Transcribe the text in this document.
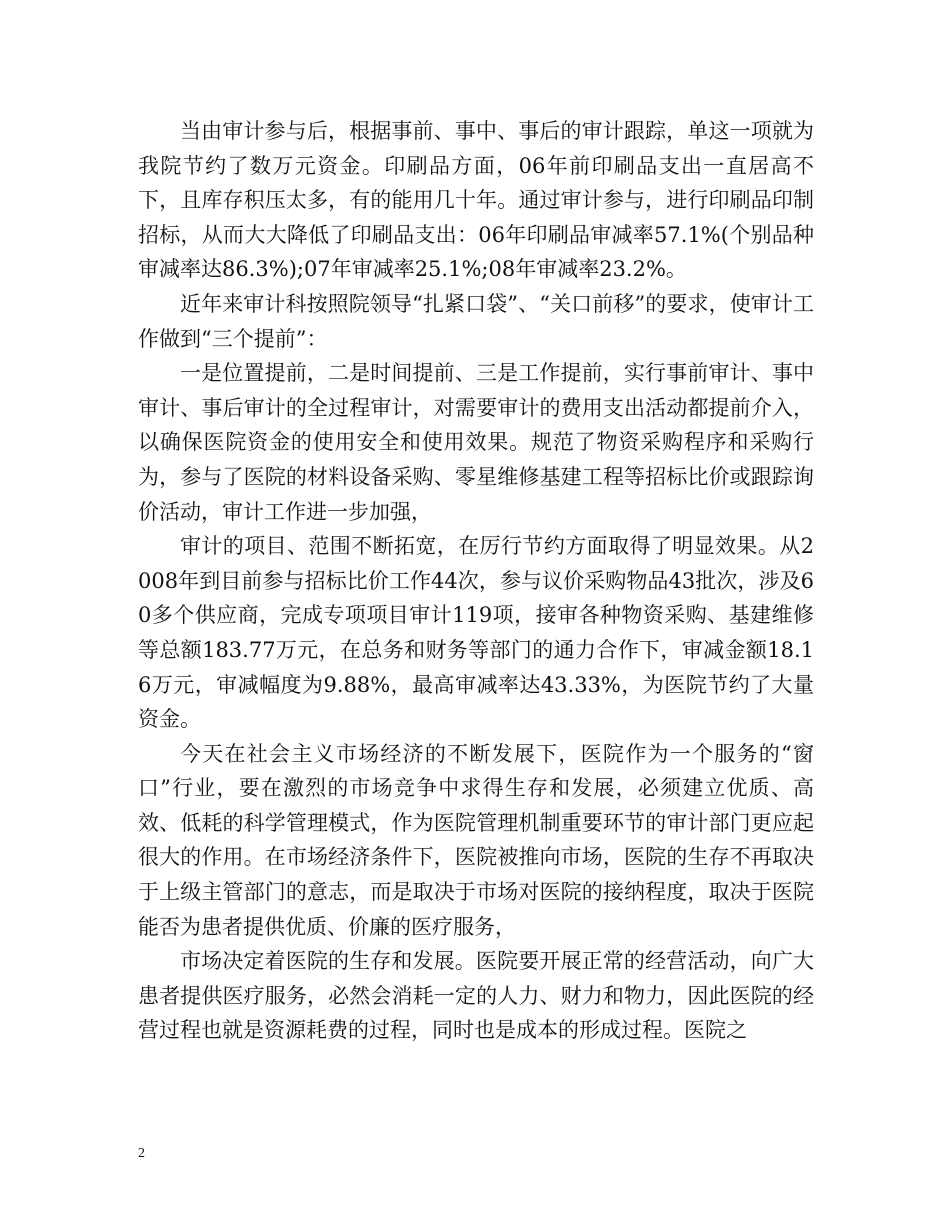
当由审计参与后，根据事前、事中、事后的审计跟踪，单这一项就为我院节约了数万元资金。印刷品方面，06年前印刷品支出一直居高不下，且库存积压太多，有的能用几十年。通过审计参与，进行印刷品印制招标，从而大大降低了印刷品支出：06年印刷品审减率57.1%(个别品种审减率达86.3%);07年审减率25.1%;08年审减率23.2%。

近年来审计科按照院领导“扎紧口袋”、“关口前移”的要求，使审计工作做到“三个提前”：

一是位置提前，二是时间提前、三是工作提前，实行事前审计、事中审计、事后审计的全过程审计，对需要审计的费用支出活动都提前介入，以确保医院资金的使用安全和使用效果。规范了物资采购程序和采购行为，参与了医院的材料设备采购、零星维修基建工程等招标比价或跟踪询价活动，审计工作进一步加强，

审计的项目、范围不断拓宽，在厉行节约方面取得了明显效果。从2008年到目前参与招标比价工作44次，参与议价采购物品43批次，涉及60多个供应商，完成专项项目审计119项，接审各种物资采购、基建维修等总额183.77万元，在总务和财务等部门的通力合作下，审减金额18.16万元，审减幅度为9.88%，最高审减率达43.33%，为医院节约了大量资金。

今天在社会主义市场经济的不断发展下，医院作为一个服务的“窗口”行业，要在激烈的市场竞争中求得生存和发展，必须建立优质、高效、低耗的科学管理模式，作为医院管理机制重要环节的审计部门更应起很大的作用。在市场经济条件下，医院被推向市场，医院的生存不再取决于上级主管部门的意志，而是取决于市场对医院的接纳程度，取决于医院能否为患者提供优质、价廉的医疗服务，

市场决定着医院的生存和发展。医院要开展正常的经营活动，向广大患者提供医疗服务，必然会消耗一定的人力、财力和物力，因此医院的经营过程也就是资源耗费的过程，同时也是成本的形成过程。医院之

2
